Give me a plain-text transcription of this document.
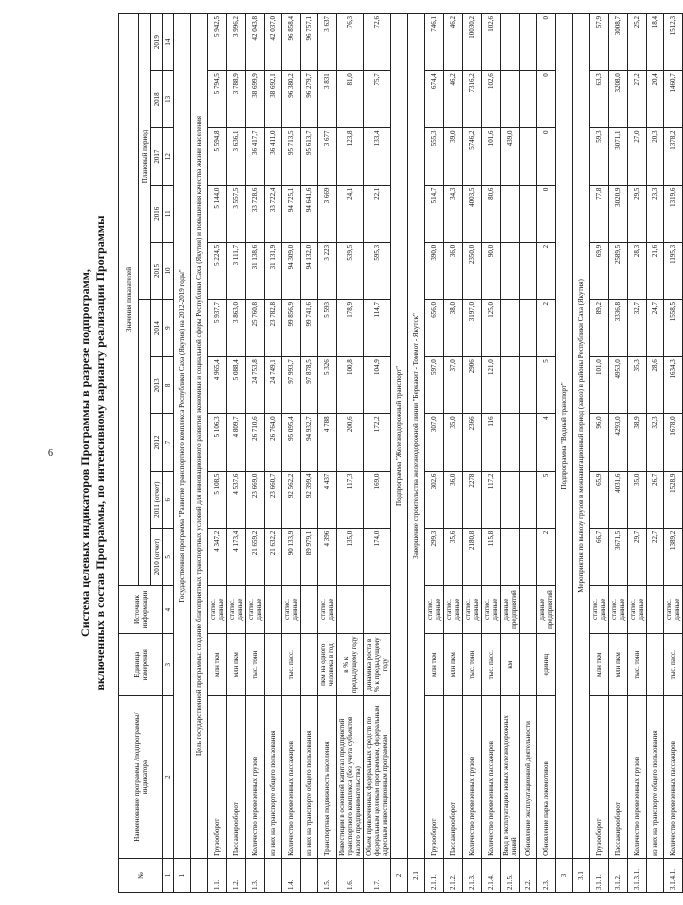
6 Система целевых индикаторов Программы в разрезе подпрограмм, включенных в состав Программы, по интенсивному варианту реализации Программы
№	Наименование программы /подпрограммы/ индикатора	Единица измерения	Источник информации	Значения показателей									
									Плановый период				
				2010 (отчет)	2011 (отчет)	2012	2013	2014	2015	2016	2017	2018	2019
1	2	3	4	5	6	7	8	9	10	11	12	13	14
1	Государственная программа "Развитие транспортного комплекса Республики Саха (Якутия) на 2012-2019 годы"												
	Цель государственной программы: создание благоприятных транспортных условий для инновационного развития экономики и социальной сферы Республики Саха (Якутия) и повышения качества жизни населения												
1.1.	Грузооборот	млн ткм	статис. данные	4 347,2	5 108,5	5 106,3	4 965,4	5 937,7	5 224,5	5 144,0	5 594,8	5 794,5	5 942,5
1.2.	Пассажирооборот	млн пкм	статис. данные	4 173,4	4 537,6	4 809,7	5 088,4	3 863,0	3 111,7	3 557,5	3 636,1	3 788,9	3 996,2
1.3.	Количество перевезенных грузов	тыс. тонн	статис. данные	21 659,2	23 669,0	26 710,6	24 753,8	25 760,8	31 138,6	33 728,6	36 417,7	38 699,9	42 043,8
	из них на транспорте общего пользования			21 632,2	23 660,7	26 764,0	24 749,1	23 782,8	31 131,9	33 722,4	36 411,0	38 692,1	42 037,0
1.4.	Количество перевезенных пассажиров	тыс. пасс.	статис. данные	90 133,9	92 562,2	95 095,4	97 993,7	99 856,9	94 309,0	94 725,1	95 713,5	96 380,2	96 858,4
	из них на транспорте общего пользования			89 979,1	92 399,4	94 932,7	97 878,5	99 741,6	94 132,0	94 641,6	95 613,7	96 279,7	96 757,1
1.5.	Транспортная подвижность населения	пкм на одного человека в год	статис. данные	4 396	4 437	4 788	5 326	5 593	3 223	3 669	3 677	3 831	3 637
1.6.	Инвестиции в основной капитал предприятий транспортного комплекса (без учета субъектов малого предпринимательства)	в % к предыдущему году		135,0	117,3	200,6	100,8	178,9	539,5	24,1	123,8	81,0	76,3
1.7.	Объем привлеченных федеральных средств по федеральным целевым программам, федеральным адресным инвестиционным программам	динамика роста в % к предыдущему году		174,0	169,0	172,2	104,9	114,7	595,3	22,1	133,4	75,7	72,6
2	Подпрограмма "Железнодорожный транспорт"												
2.1	Завершение строительства железнодорожной линии "Беркакит - Томмот - Якутск"												
2.1.1.	Грузооборот	млн ткм	статис. данные	299,3	302,6	307,0	597,0	656,0	390,0	514,7	555,3	674,4	746,1
2.1.2.	Пассажирооборот	млн пкм	статис. данные	35,6	36,0	35,0	37,0	38,0	36,0	34,3	39,0	46,2	46,2
2.1.3.	Количество перевезенных грузов	тыс. тонн	статис. данные	2180,8	2278	2366	2906	3197,0	2350,0	4003,5	5746,2	7316,2	10030,2
2.1.4.	Количество перевезенных пассажиров	тыс. пасс.	статис. данные	115,8	117,2	116	121,0	125,0	90,0	80,6	101,6	102,6	102,6
2.1.5.	Ввод в эксплуатацию новых железнодорожных линий	км	данные предприятий								439,0		
2.2.	Обновление эксплуатационной деятельности												
2.3.	Обновление парка локомотивов	единиц	данные предприятий	2	5	4	5	2	2	0	0	0	0
3	Подпрограмма "Водный транспорт"												
3.1	Мероприятия по вывозу грузов в межнавигационный период (завоз) в районы Республики Саха (Якутия)												
3.1.1.	Грузооборот	млн ткм	статис. данные	66,7	65,9	96,0	101,0	89,2	69,9	77,8	59,3	63,3	57,9
3.1.2.	Пассажирооборот	млн пкм	статис. данные	3671,5	4031,6	4293,0	4953,0	3336,8	2589,5	3020,9	3071,1	3208,0	3008,7
3.1.3.1.	Количество перевезенных грузов	тыс. тонн	статис. данные	29,7	35,0	38,9	35,3	32,7	28,3	29,5	27,0	27,2	25,2
	из них на транспорте общего пользования			22,7	26,7	32,3	28,6	24,7	21,6	23,3	20,3	20,4	18,4
3.1.4.1.	Количество перевезенных пассажиров	тыс. пасс.	статис. данные	1389,2	1528,9	1678,0	1634,3	1558,5	1195,3	1319,6	1378,2	1460,7	1512,3
